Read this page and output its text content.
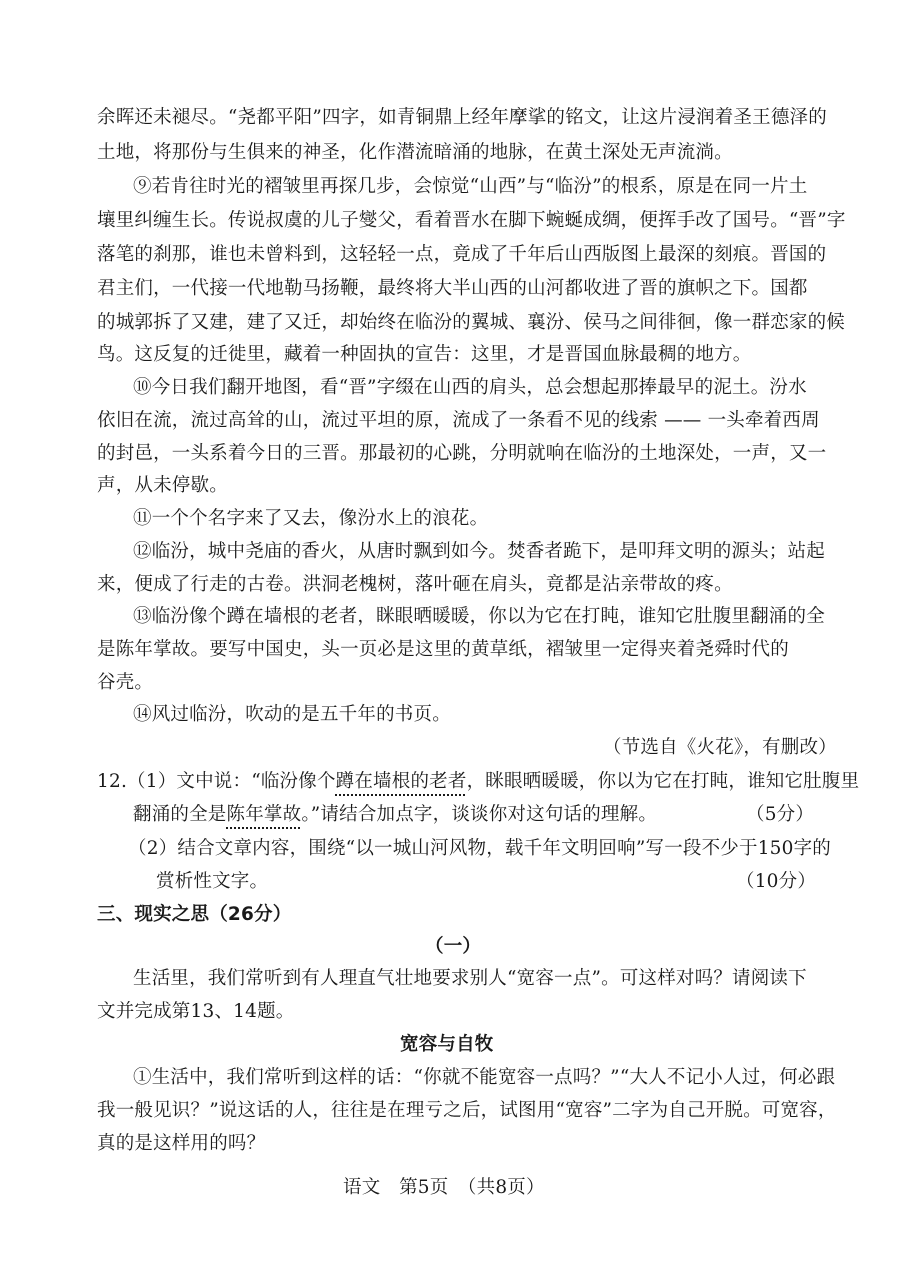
余晖还未褪尽。“尧都平阳”四字，如青铜鼎上经年摩挲的铭文，让这片浸润着圣王德泽的
土地，将那份与生俱来的神圣，化作潜流暗涌的地脉，在黄土深处无声流淌。
⑨若肯往时光的褶皱里再探几步，会惊觉“山西”与“临汾”的根系，原是在同一片土
壤里纠缠生长。传说叔虞的儿子燮父，看着晋水在脚下蜿蜒成绸，便挥手改了国号。“晋”字
落笔的刹那，谁也未曾料到，这轻轻一点，竟成了千年后山西版图上最深的刻痕。晋国的
君主们，一代接一代地勒马扬鞭，最终将大半山西的山河都收进了晋的旗帜之下。国都
的城郭拆了又建，建了又迁，却始终在临汾的翼城、襄汾、侯马之间徘徊，像一群恋家的候
鸟。这反复的迁徙里，藏着一种固执的宣告：这里，才是晋国血脉最稠的地方。
⑩今日我们翻开地图，看“晋”字缀在山西的肩头，总会想起那捧最早的泥土。汾水
依旧在流，流过高耸的山，流过平坦的原，流成了一条看不见的线索 —— 一头牵着西周
的封邑，一头系着今日的三晋。那最初的心跳，分明就响在临汾的土地深处，一声，又一
声，从未停歇。
⑪一个个名字来了又去，像汾水上的浪花。
⑫临汾，城中尧庙的香火，从唐时飘到如今。焚香者跪下，是叩拜文明的源头；站起
来，便成了行走的古卷。洪洞老槐树，落叶砸在肩头，竟都是沾亲带故的疼。
⑬临汾像个蹲在墙根的老者，眯眼晒暖暖，你以为它在打盹，谁知它肚腹里翻涌的全
是陈年掌故。要写中国史，头一页必是这里的黄草纸，褶皱里一定得夹着尧舜时代的
谷壳。
⑭风过临汾，吹动的是五千年的书页。
（节选自《火花》，有删改）
12.（1）文中说：“临汾像个蹲在墙根的老者，眯眼晒暖暖，你以为它在打盹，谁知它肚腹里
翻涌的全是陈年掌故。”请结合加点字，谈谈你对这句话的理解。	（5分）
（2）结合文章内容，围绕“以一城山河风物，载千年文明回响”写一段不少于150字的
赏析性文字。	（10分）
三、现实之思（26分）
（一）
生活里，我们常听到有人理直气壮地要求别人“宽容一点”。可这样对吗？请阅读下
文并完成第13、14题。
宽容与自牧
①生活中，我们常听到这样的话：“你就不能宽容一点吗？”“大人不记小人过，何必跟
我一般见识？”说这话的人，往往是在理亏之后，试图用“宽容”二字为自己开脱。可宽容，
真的是这样用的吗？
语文　第5页　（共8页）
